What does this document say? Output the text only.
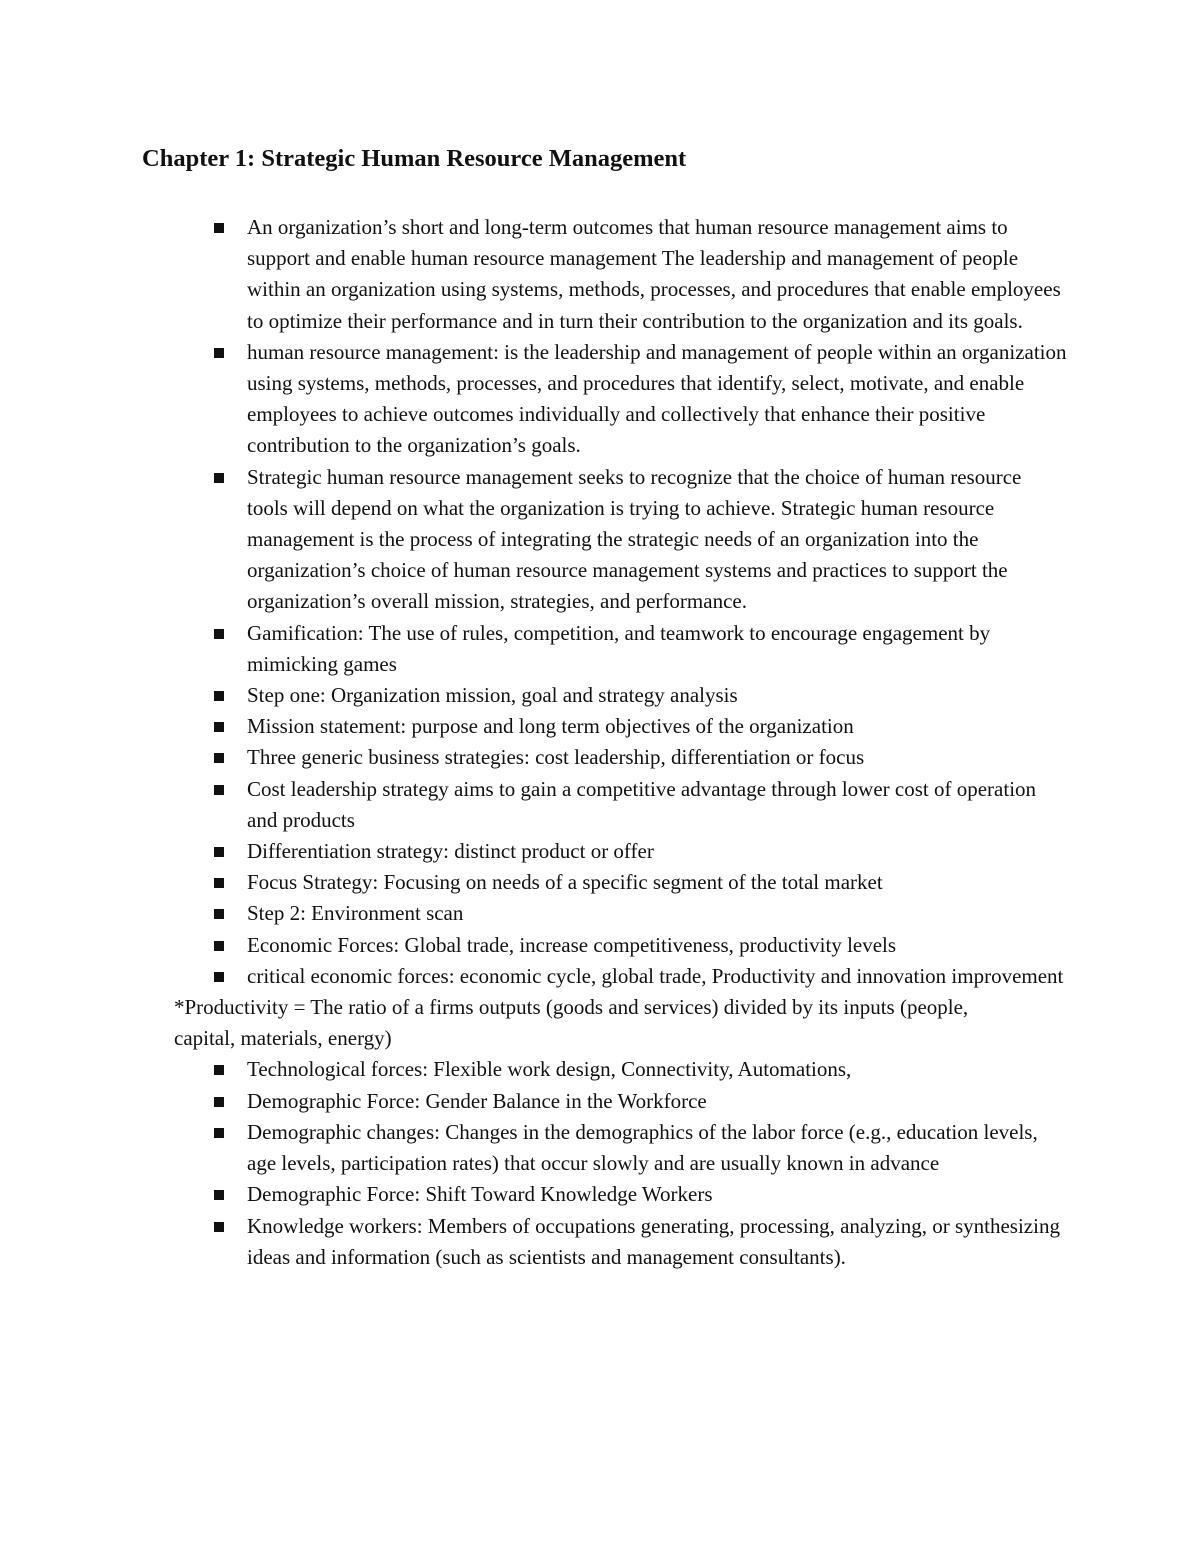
Chapter 1: Strategic Human Resource Management
An organization’s short and long-term outcomes that human resource management aims to support and enable human resource management The leadership and management of people within an organization using systems, methods, processes, and procedures that enable employees to optimize their performance and in turn their contribution to the organization and its goals.
human resource management: is the leadership and management of people within an organization using systems, methods, processes, and procedures that identify, select, motivate, and enable employees to achieve outcomes individually and collectively that enhance their positive contribution to the organization’s goals.
Strategic human resource management seeks to recognize that the choice of human resource tools will depend on what the organization is trying to achieve. Strategic human resource management is the process of integrating the strategic needs of an organization into the organization’s choice of human resource management systems and practices to support the organization’s overall mission, strategies, and performance.
Gamification: The use of rules, competition, and teamwork to encourage engagement by mimicking games
Step one: Organization mission, goal and strategy analysis
Mission statement: purpose and long term objectives of the organization
Three generic business strategies: cost leadership, differentiation or focus
Cost leadership strategy aims to gain a competitive advantage through lower cost of operation and products
Differentiation strategy: distinct product or offer
Focus Strategy: Focusing on needs of a specific segment of the total market
Step 2: Environment scan
Economic Forces: Global trade, increase competitiveness, productivity levels
critical economic forces: economic cycle, global trade, Productivity and innovation improvement
*Productivity = The ratio of a firms outputs (goods and services) divided by its inputs (people, capital, materials, energy)
Technological forces: Flexible work design, Connectivity, Automations,
Demographic Force: Gender Balance in the Workforce
Demographic changes: Changes in the demographics of the labor force (e.g., education levels, age levels, participation rates) that occur slowly and are usually known in advance
Demographic Force: Shift Toward Knowledge Workers
Knowledge workers: Members of occupations generating, processing, analyzing, or synthesizing ideas and information (such as scientists and management consultants).
